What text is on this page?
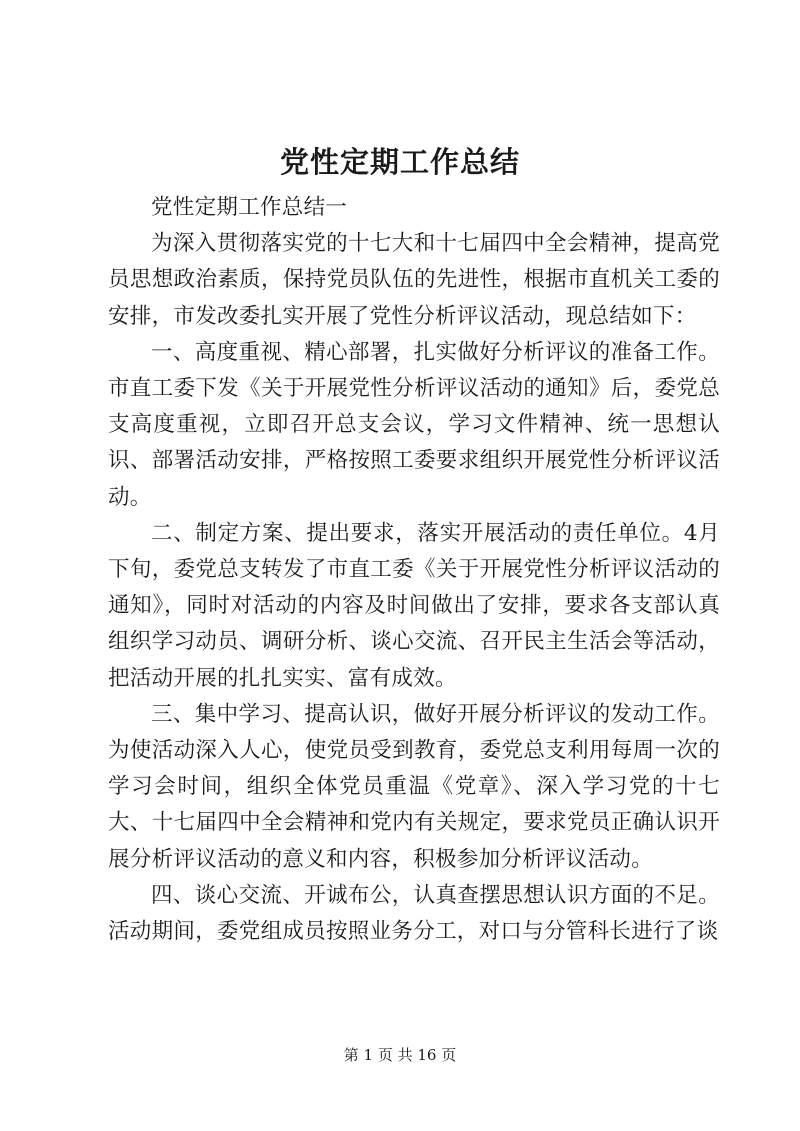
党性定期工作总结

党性定期工作总结一

为深入贯彻落实党的十七大和十七届四中全会精神，提高党员思想政治素质，保持党员队伍的先进性，根据市直机关工委的安排，市发改委扎实开展了党性分析评议活动，现总结如下：

一、高度重视、精心部署，扎实做好分析评议的准备工作。市直工委下发《关于开展党性分析评议活动的通知》后，委党总支高度重视，立即召开总支会议，学习文件精神、统一思想认识、部署活动安排，严格按照工委要求组织开展党性分析评议活动。

二、制定方案、提出要求，落实开展活动的责任单位。4月下旬，委党总支转发了市直工委《关于开展党性分析评议活动的通知》，同时对活动的内容及时间做出了安排，要求各支部认真组织学习动员、调研分析、谈心交流、召开民主生活会等活动，把活动开展的扎扎实实、富有成效。

三、集中学习、提高认识，做好开展分析评议的发动工作。为使活动深入人心，使党员受到教育，委党总支利用每周一次的学习会时间，组织全体党员重温《党章》、深入学习党的十七大、十七届四中全会精神和党内有关规定，要求党员正确认识开展分析评议活动的意义和内容，积极参加分析评议活动。

四、谈心交流、开诚布公，认真查摆思想认识方面的不足。活动期间，委党组成员按照业务分工，对口与分管科长进行了谈

第 1 页 共 16 页
